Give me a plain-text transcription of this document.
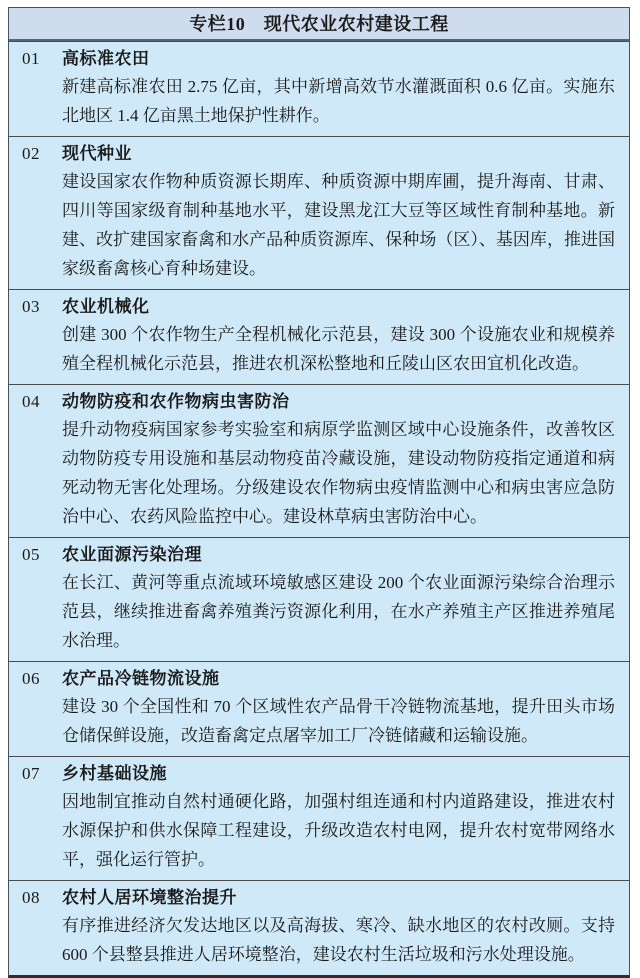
专栏10　现代农业农村建设工程
01	高标准农田
新建高标准农田 2.75 亿亩，其中新增高效节水灌溉面积 0.6 亿亩。实施东北地区 1.4 亿亩黑土地保护性耕作。
02	现代种业
建设国家农作物种质资源长期库、种质资源中期库圃，提升海南、甘肃、四川等国家级育制种基地水平，建设黑龙江大豆等区域性育制种基地。新建、改扩建国家畜禽和水产品种质资源库、保种场（区）、基因库，推进国家级畜禽核心育种场建设。
03	农业机械化
创建 300 个农作物生产全程机械化示范县，建设 300 个设施农业和规模养殖全程机械化示范县，推进农机深松整地和丘陵山区农田宜机化改造。
04	动物防疫和农作物病虫害防治
提升动物疫病国家参考实验室和病原学监测区域中心设施条件，改善牧区动物防疫专用设施和基层动物疫苗冷藏设施，建设动物防疫指定通道和病死动物无害化处理场。分级建设农作物病虫疫情监测中心和病虫害应急防治中心、农药风险监控中心。建设林草病虫害防治中心。
05	农业面源污染治理
在长江、黄河等重点流域环境敏感区建设 200 个农业面源污染综合治理示范县，继续推进畜禽养殖粪污资源化利用，在水产养殖主产区推进养殖尾水治理。
06	农产品冷链物流设施
建设 30 个全国性和 70 个区域性农产品骨干冷链物流基地，提升田头市场仓储保鲜设施，改造畜禽定点屠宰加工厂冷链储藏和运输设施。
07	乡村基础设施
因地制宜推动自然村通硬化路，加强村组连通和村内道路建设，推进农村水源保护和供水保障工程建设，升级改造农村电网，提升农村宽带网络水平，强化运行管护。
08	农村人居环境整治提升
有序推进经济欠发达地区以及高海拔、寒冷、缺水地区的农村改厕。支持 600 个县整县推进人居环境整治，建设农村生活垃圾和污水处理设施。
